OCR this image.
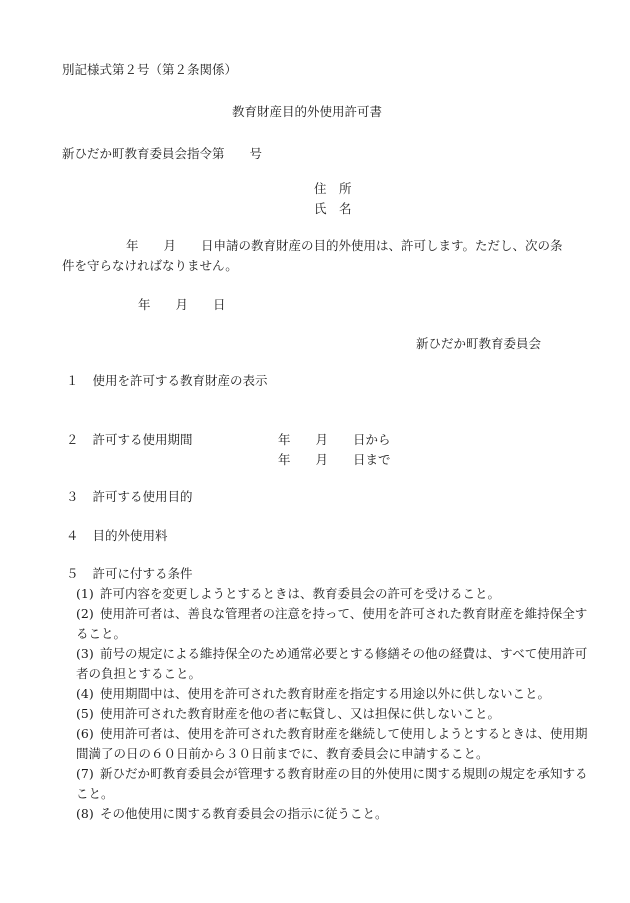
別記様式第２号（第２条関係）
教育財産目的外使用許可書
新ひだか町教育委員会指令第　　号
住　所
氏　名
年　　月　　日申請の教育財産の目的外使用は、許可します。ただし、次の条
件を守らなければなりません。
年　　月　　日
新ひだか町教育委員会
１ 使用を許可する教育財産の表示
２ 許可する使用期間	年　　月　　日から
年　　月　　日まで
３ 許可する使用目的
４ 目的外使用料
５ 許可に付する条件
(1) 許可内容を変更しようとするときは、教育委員会の許可を受けること。
(2) 使用許可者は、善良な管理者の注意を持って、使用を許可された教育財産を維持保全すること。
(3) 前号の規定による維持保全のため通常必要とする修繕その他の経費は、すべて使用許可者の負担とすること。
(4) 使用期間中は、使用を許可された教育財産を指定する用途以外に供しないこと。
(5) 使用許可された教育財産を他の者に転貸し、又は担保に供しないこと。
(6) 使用許可者は、使用を許可された教育財産を継続して使用しようとするときは、使用期間満了の日の６０日前から３０日前までに、教育委員会に申請すること。
(7) 新ひだか町教育委員会が管理する教育財産の目的外使用に関する規則の規定を承知すること。
(8) その他使用に関する教育委員会の指示に従うこと。
